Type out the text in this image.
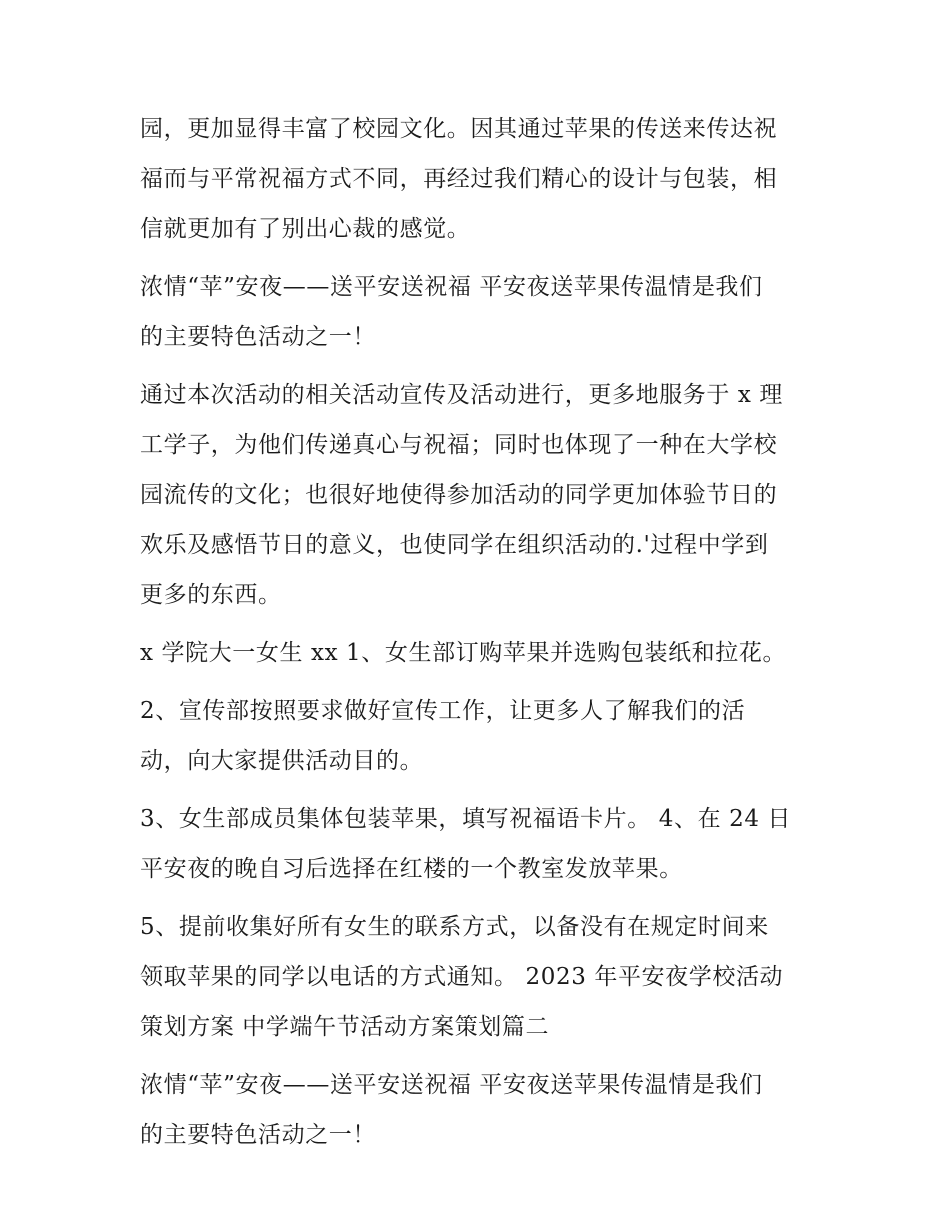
园，更加显得丰富了校园文化。因其通过苹果的传送来传达祝
福而与平常祝福方式不同，再经过我们精心的设计与包装，相
信就更加有了别出心裁的感觉。

浓情“苹”安夜——送平安送祝福 平安夜送苹果传温情是我们
的主要特色活动之一！

通过本次活动的相关活动宣传及活动进行，更多地服务于 x 理
工学子，为他们传递真心与祝福；同时也体现了一种在大学校
园流传的文化；也很好地使得参加活动的同学更加体验节日的
欢乐及感悟节日的意义，也使同学在组织活动的.'过程中学到
更多的东西。

x 学院大一女生 xx 1、女生部订购苹果并选购包装纸和拉花。

2、宣传部按照要求做好宣传工作，让更多人了解我们的活
动，向大家提供活动目的。

3、女生部成员集体包装苹果，填写祝福语卡片。 4、在 24 日
平安夜的晚自习后选择在红楼的一个教室发放苹果。

5、提前收集好所有女生的联系方式，以备没有在规定时间来
领取苹果的同学以电话的方式通知。 2023 年平安夜学校活动
策划方案 中学端午节活动方案策划篇二

浓情“苹”安夜——送平安送祝福 平安夜送苹果传温情是我们
的主要特色活动之一！
